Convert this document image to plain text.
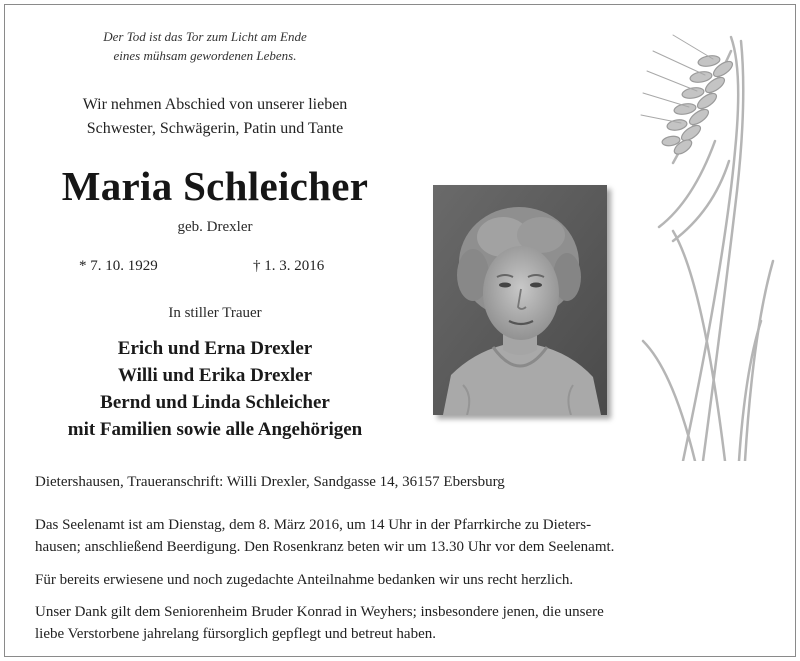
Der Tod ist das Tor zum Licht am Ende
eines mühsam gewordenen Lebens.
Wir nehmen Abschied von unserer lieben
Schwester, Schwägerin, Patin und Tante
Maria Schleicher
geb. Drexler
* 7. 10. 1929	† 1. 3. 2016
In stiller Trauer
Erich und Erna Drexler
Willi und Erika Drexler
Bernd und Linda Schleicher
mit Familien sowie alle Angehörigen
Dietershausen, Traueranschrift: Willi Drexler, Sandgasse 14, 36157 Ebersburg
Das Seelenamt ist am Dienstag, dem 8. März 2016, um 14 Uhr in der Pfarrkirche zu Dieters-
hausen; anschließend Beerdigung. Den Rosenkranz beten wir um 13.30 Uhr vor dem Seelenamt.
Für bereits erwiesene und noch zugedachte Anteilnahme bedanken wir uns recht herzlich.
Unser Dank gilt dem Seniorenheim Bruder Konrad in Weyhers; insbesondere jenen, die unsere
liebe Verstorbene jahrelang fürsorglich gepflegt und betreut haben.
